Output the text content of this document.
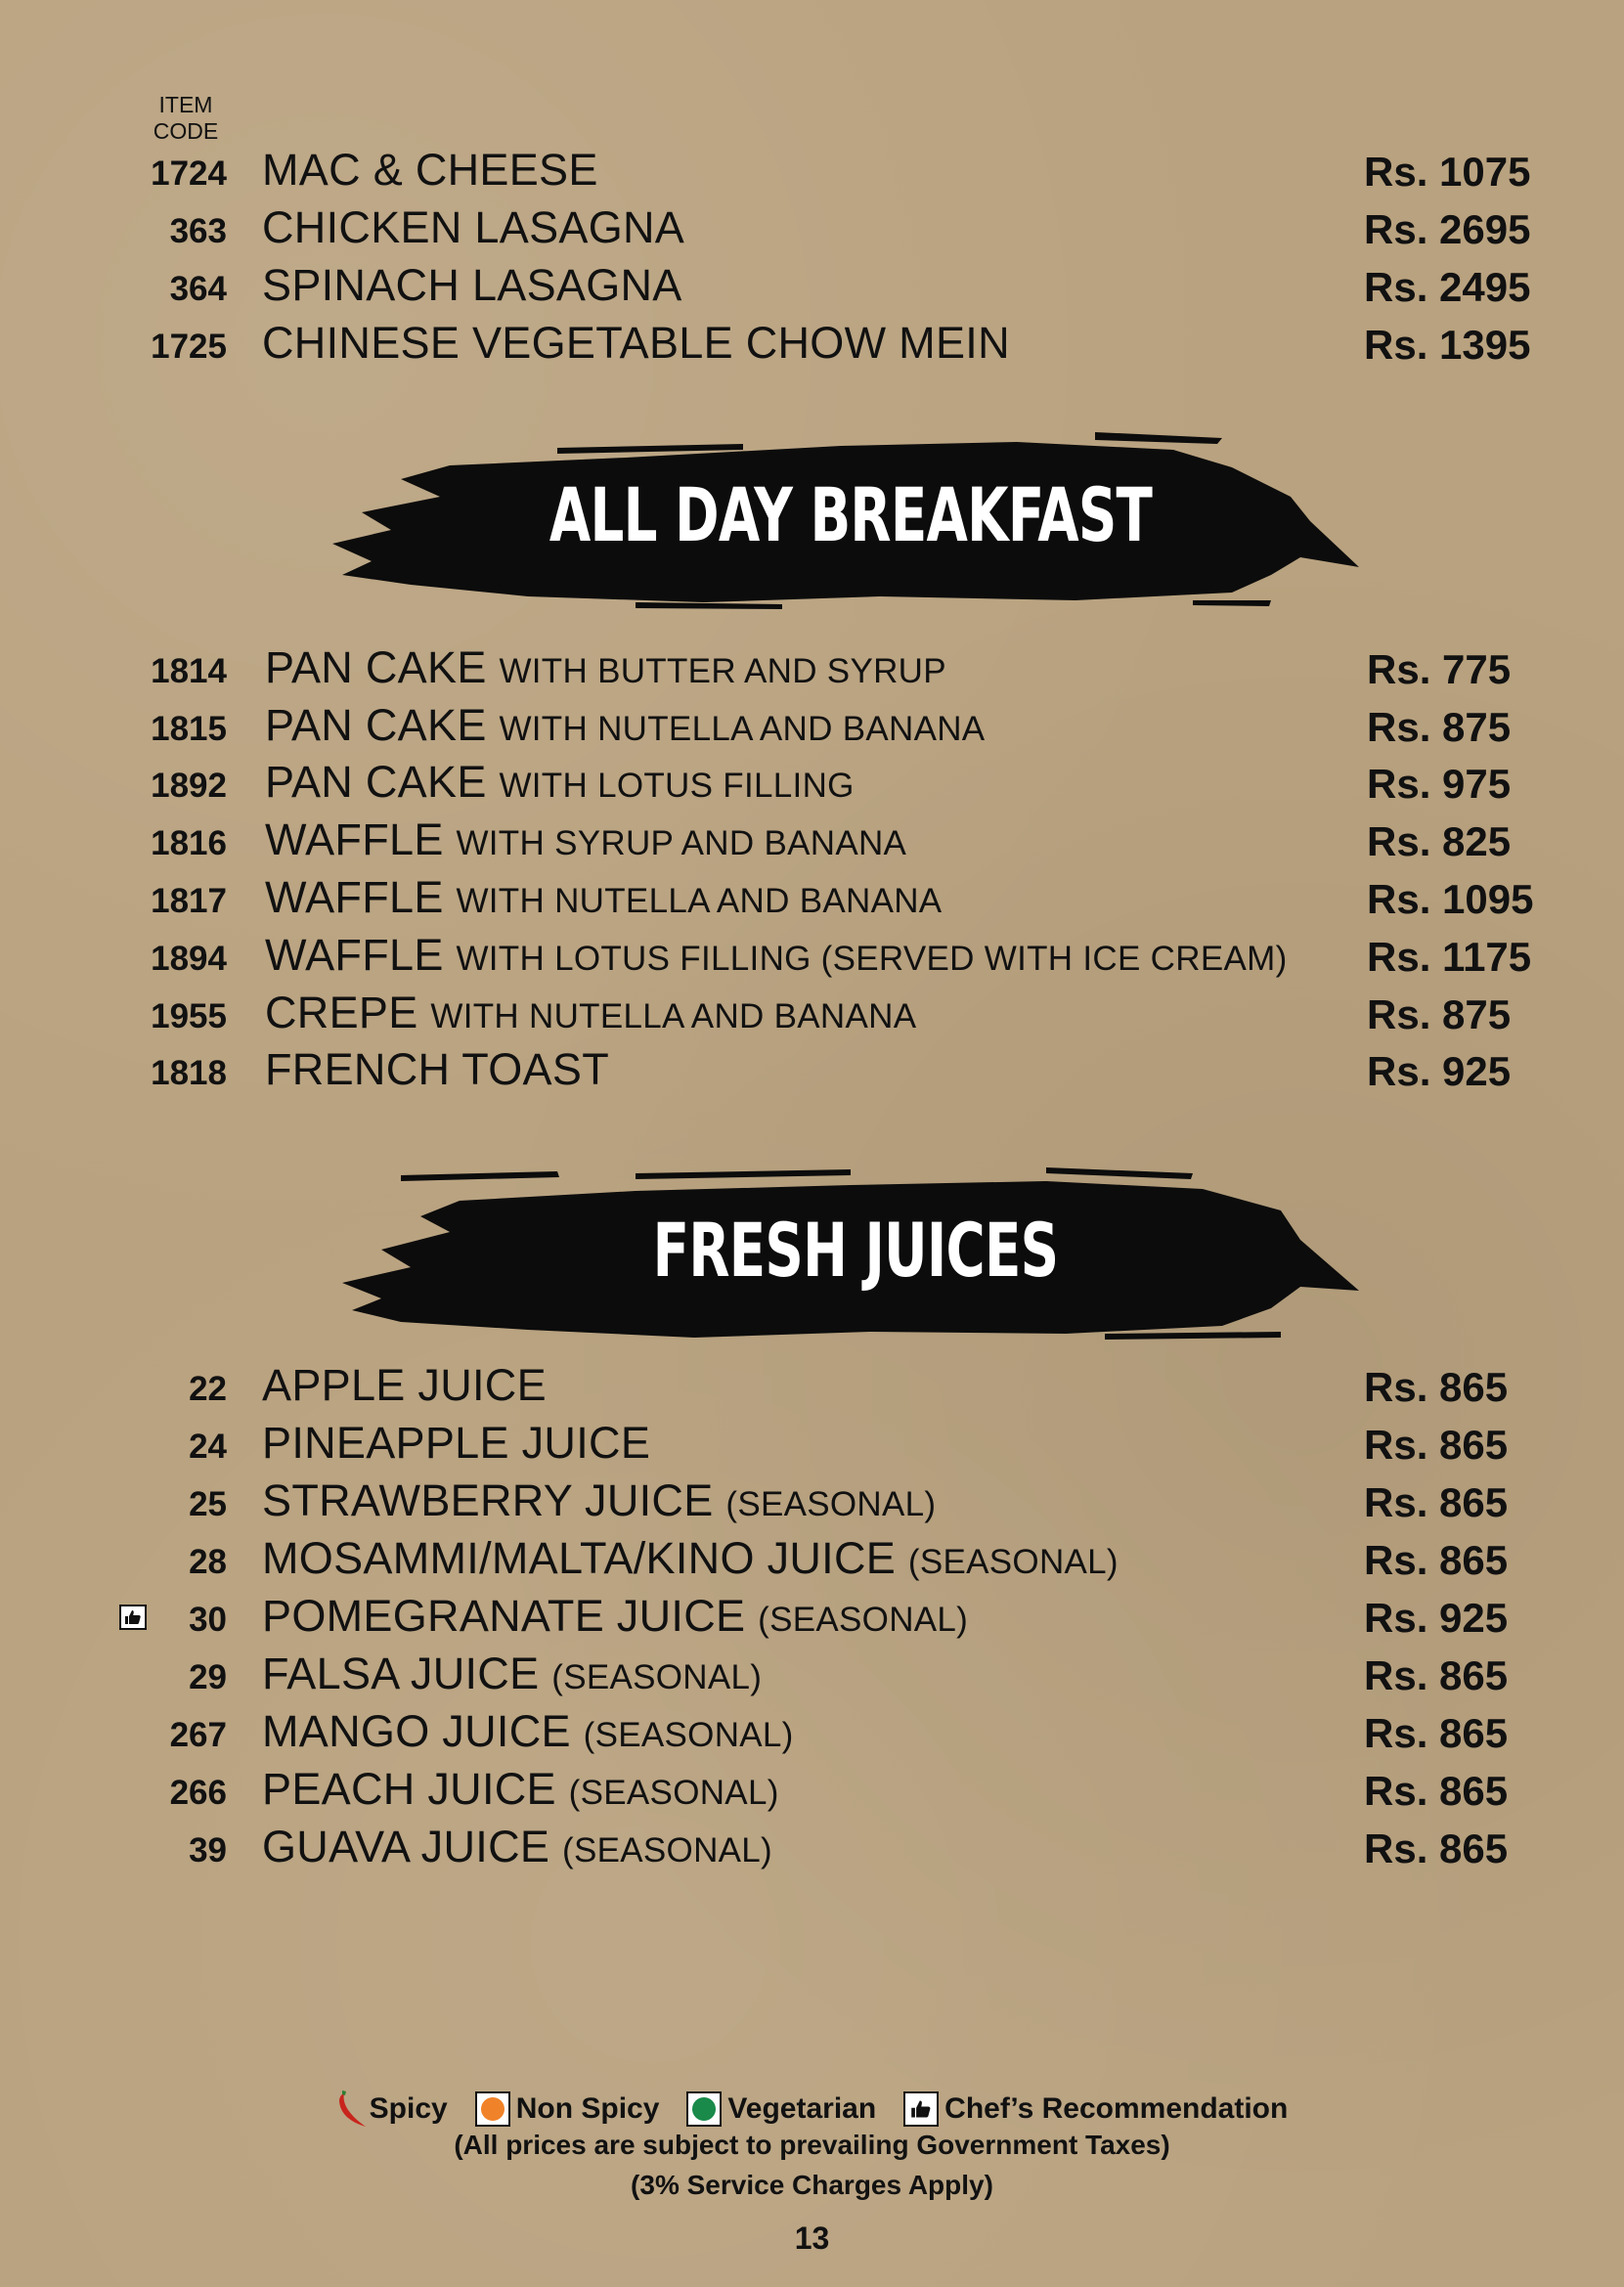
ITEM
CODE
1724 MAC & CHEESE	Rs. 1075
363 CHICKEN LASAGNA	Rs. 2695
364 SPINACH LASAGNA	Rs. 2495
1725 CHINESE VEGETABLE CHOW MEIN	Rs. 1395
ALL DAY BREAKFAST
1814 PAN CAKE WITH BUTTER AND SYRUP	Rs. 775
1815 PAN CAKE WITH NUTELLA AND BANANA	Rs. 875
1892 PAN CAKE WITH LOTUS FILLING	Rs. 975
1816 WAFFLE WITH SYRUP AND BANANA	Rs. 825
1817 WAFFLE WITH NUTELLA AND BANANA	Rs. 1095
1894 WAFFLE WITH LOTUS FILLING (SERVED WITH ICE CREAM) Rs. 1175
1955 CREPE WITH NUTELLA AND BANANA	Rs. 875
1818 FRENCH TOAST	Rs. 925
FRESH JUICES
22 APPLE JUICE	Rs. 865
24 PINEAPPLE JUICE	Rs. 865
25 STRAWBERRY JUICE (SEASONAL)	Rs. 865
28 MOSAMMI/MALTA/KINO JUICE (SEASONAL)	Rs. 865
30 POMEGRANATE JUICE (SEASONAL)	Rs. 925
29 FALSA JUICE (SEASONAL)	Rs. 865
267 MANGO JUICE (SEASONAL)	Rs. 865
266 PEACH JUICE (SEASONAL)	Rs. 865
39 GUAVA JUICE (SEASONAL)	Rs. 865
Spicy Non Spicy Vegetarian Chef’s Recommendation
(All prices are subject to prevailing Government Taxes)
(3% Service Charges Apply)
13
